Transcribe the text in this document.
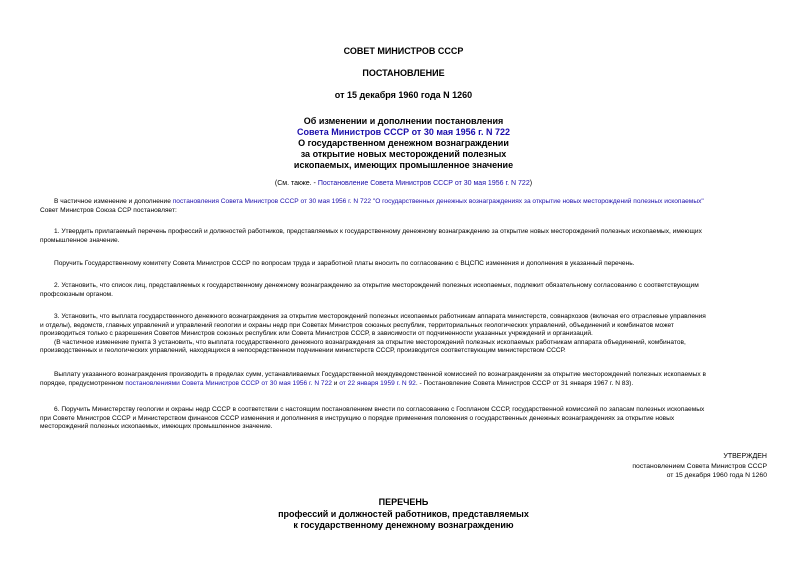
СОВЕТ МИНИСТРОВ СССР
ПОСТАНОВЛЕНИЕ
от 15 декабря 1960 года N 1260
Об изменении и дополнении постановления
Совета Министров СССР от 30 мая 1956 г. N 722
О государственном денежном вознаграждении
за открытие новых месторождений полезных
ископаемых, имеющих промышленное значение
(См. также. - Постановление Совета Министров СССР от 30 мая 1956 г. N 722)
В частичное изменение и дополнение постановления Совета Министров СССР от 30 мая 1956 г. N 722 "О государственных денежных вознаграждениях за открытие новых месторождений полезных ископаемых"
Совет Министров Союза ССР постановляет:
1. Утвердить прилагаемый перечень профессий и должностей работников, представляемых к государственному денежному вознаграждению за открытие новых месторождений полезных ископаемых, имеющих
промышленное значение.
Поручить Государственному комитету Совета Министров СССР по вопросам труда и заработной платы вносить по согласованию с ВЦСПС изменения и дополнения в указанный перечень.
2. Установить, что список лиц, представляемых к государственному денежному вознаграждению за открытие месторождений полезных ископаемых, подлежит обязательному согласованию с соответствующим
профсоюзным органом.
3. Установить, что выплата государственного денежного вознаграждения за открытие месторождений полезных ископаемых работникам аппарата министерств, совнархозов (включая его отраслевые управления
и отделы), ведомств, главных управлений и управлений геологии и охраны недр при Советах Министров союзных республик, территориальных геологических управлений, объединений и комбинатов может
производиться только с разрешения Советов Министров союзных республик или Совета Министров СССР, в зависимости от подчиненности указанных учреждений и организаций.
(В частичное изменение пункта 3 установить, что выплата государственного денежного вознаграждения за открытие месторождений полезных ископаемых работникам аппарата объединений, комбинатов,
производственных и геологических управлений, находящихся в непосредственном подчинении министерств СССР, производится соответствующим министерством СССР.
Выплату указанного вознаграждения производить в пределах сумм, устанавливаемых Государственной междуведомственной комиссией по вознаграждениям за открытие месторождений полезных ископаемых в
порядке, предусмотренном постановлениями Совета Министров СССР от 30 мая 1956 г. N 722 и от 22 января 1959 г. N 92. - Постановление Совета Министров СССР от 31 января 1967 г. N 83).
6. Поручить Министерству геологии и охраны недр СССР в соответствии с настоящим постановлением внести по согласованию с Госпланом СССР, государственной комиссией по запасам полезных ископаемых
при Совете Министров СССР и Министерством финансов СССР изменения и дополнения в инструкцию о порядке применения положения о государственных денежных вознаграждениях за открытие новых
месторождений полезных ископаемых, имеющих промышленное значение.
УТВЕРЖДЕН
постановлением Совета Министров СССР
от 15 декабря 1960 года N 1260
ПЕРЕЧЕНЬ
профессий и должностей работников, представляемых
к государственному денежному вознаграждению
